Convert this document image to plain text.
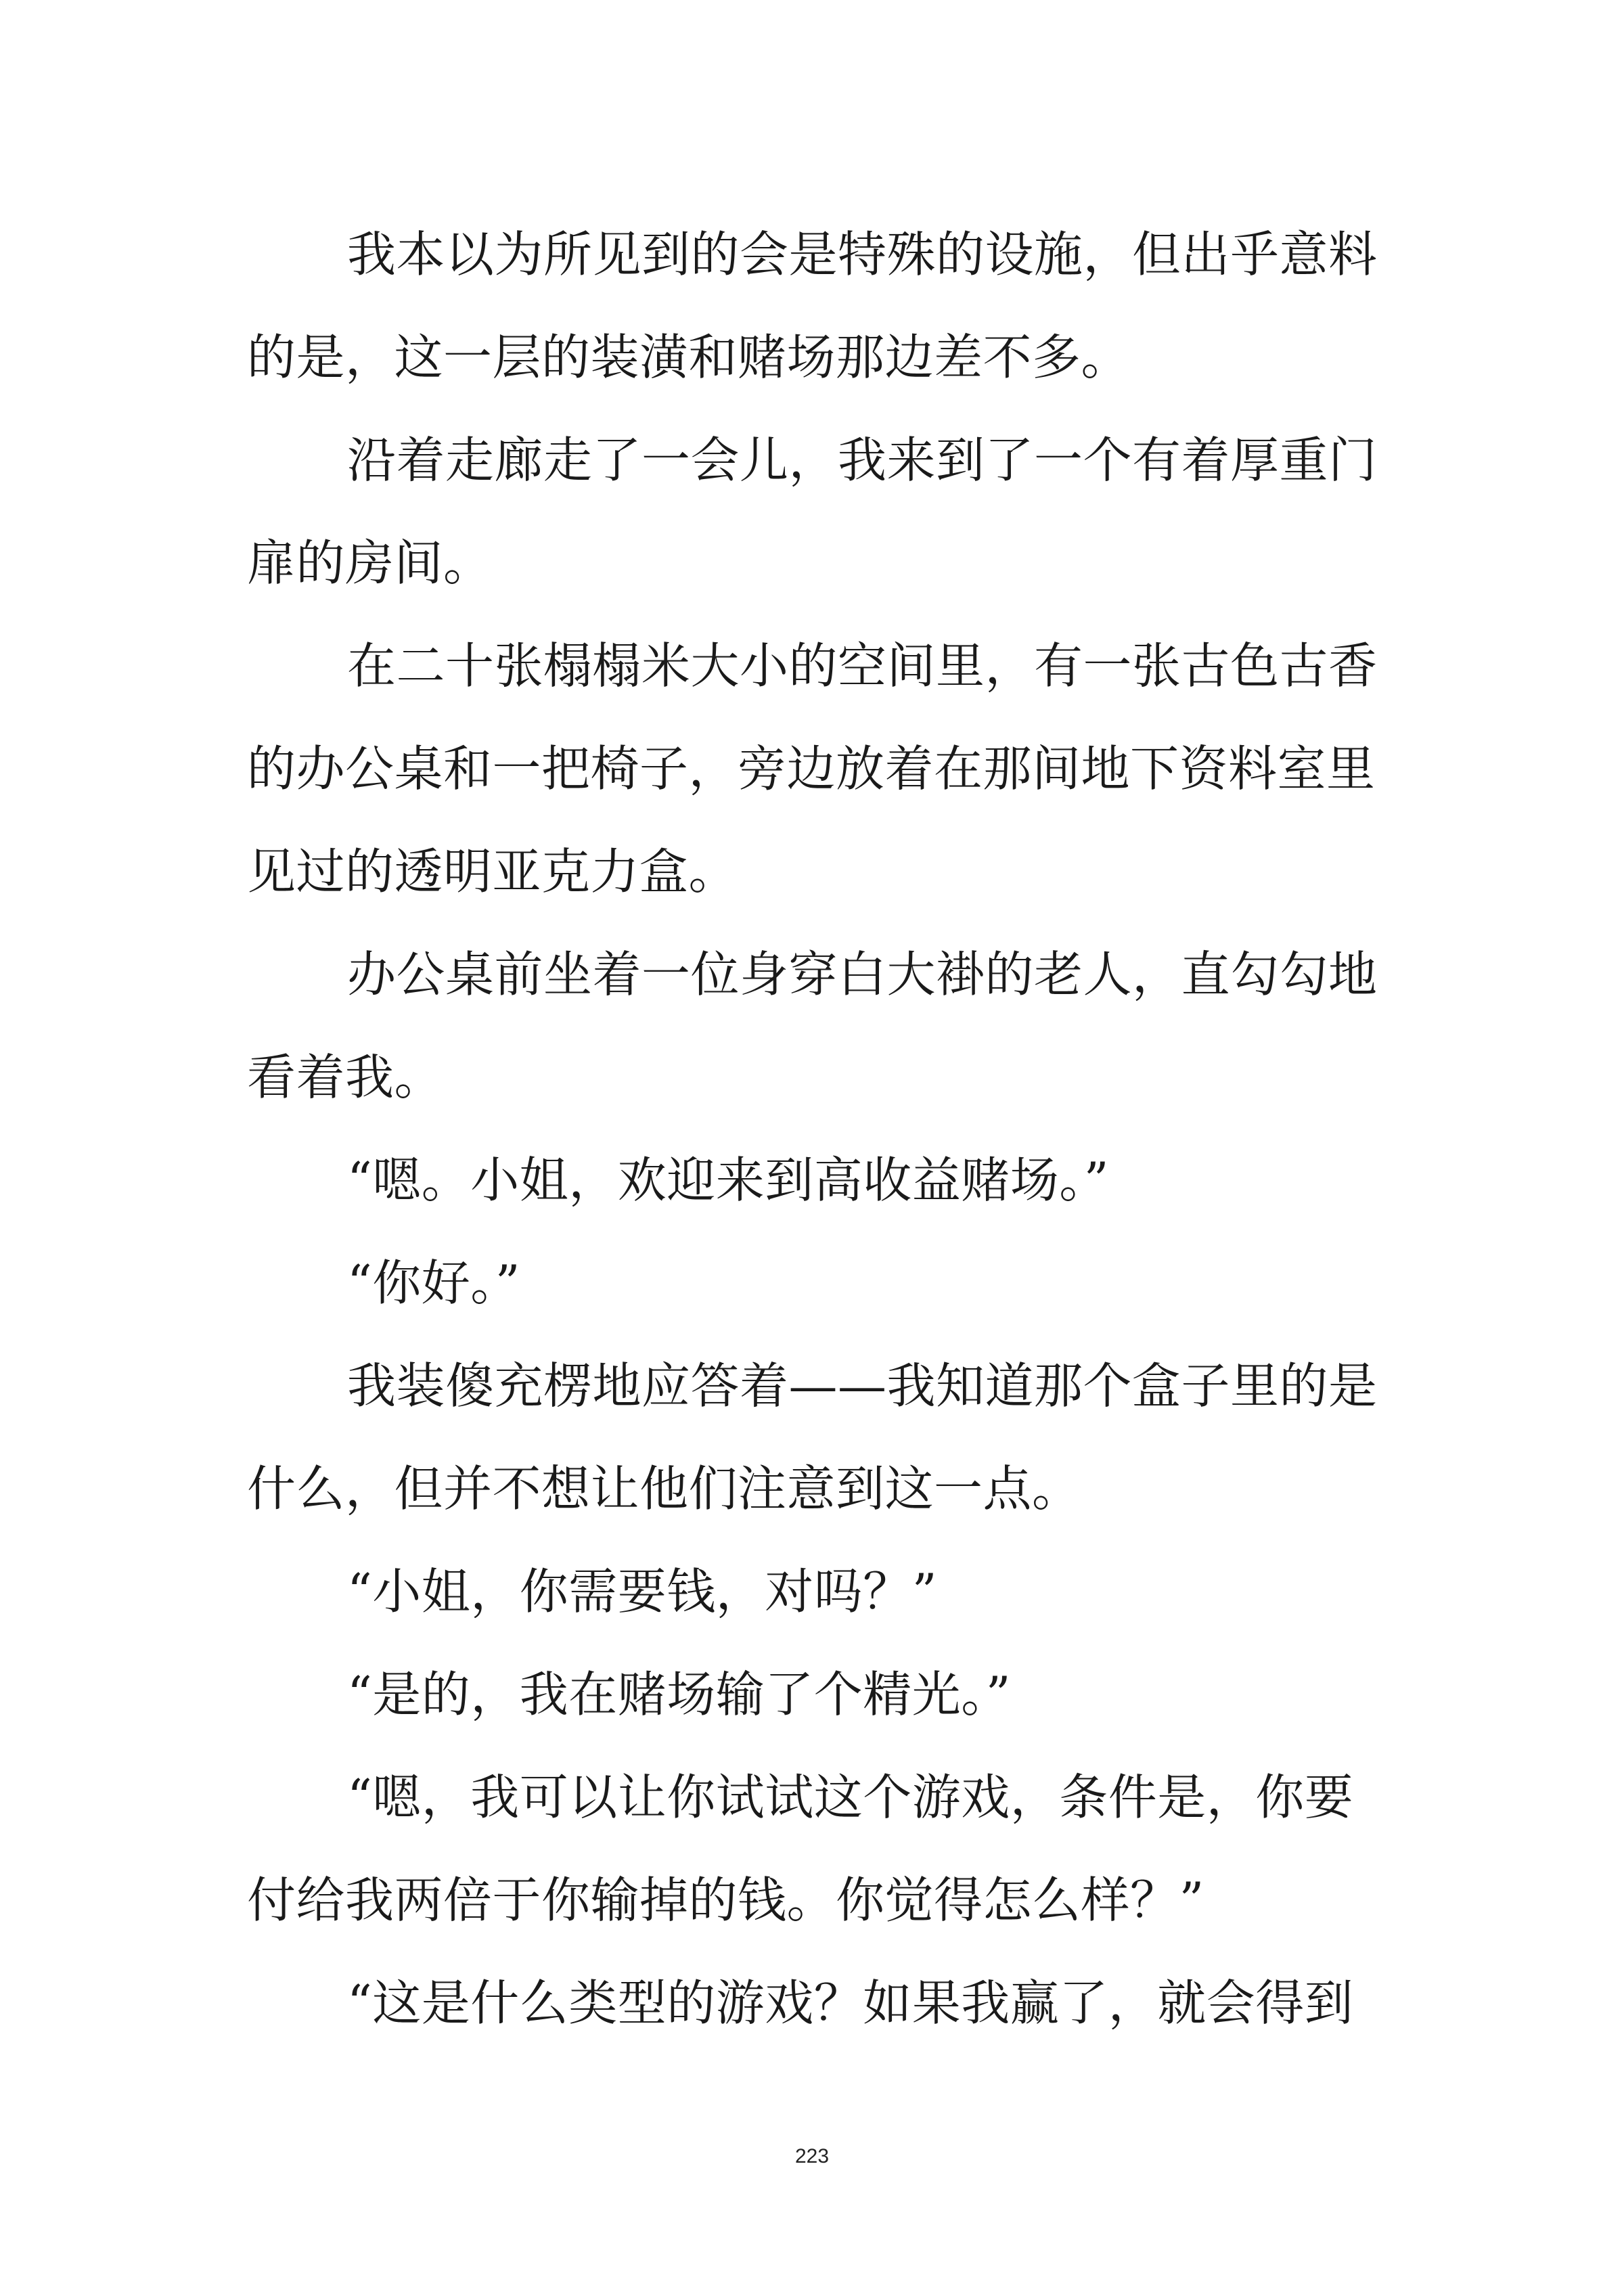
我本以为所见到的会是特殊的设施，但出乎意料
的是，这一层的装潢和赌场那边差不多。
沿着走廊走了一会儿，我来到了一个有着厚重门
扉的房间。
在二十张榻榻米大小的空间里，有一张古色古香
的办公桌和一把椅子，旁边放着在那间地下资料室里
见过的透明亚克力盒。
办公桌前坐着一位身穿白大褂的老人，直勾勾地
看着我。
“嗯。小姐，欢迎来到高收益赌场。”
“你好。”
我装傻充楞地应答着——我知道那个盒子里的是
什么，但并不想让他们注意到这一点。
“小姐，你需要钱，对吗？”
“是的，我在赌场输了个精光。”
“嗯，我可以让你试试这个游戏，条件是，你要
付给我两倍于你输掉的钱。你觉得怎么样？”
“这是什么类型的游戏？如果我赢了，就会得到
223
